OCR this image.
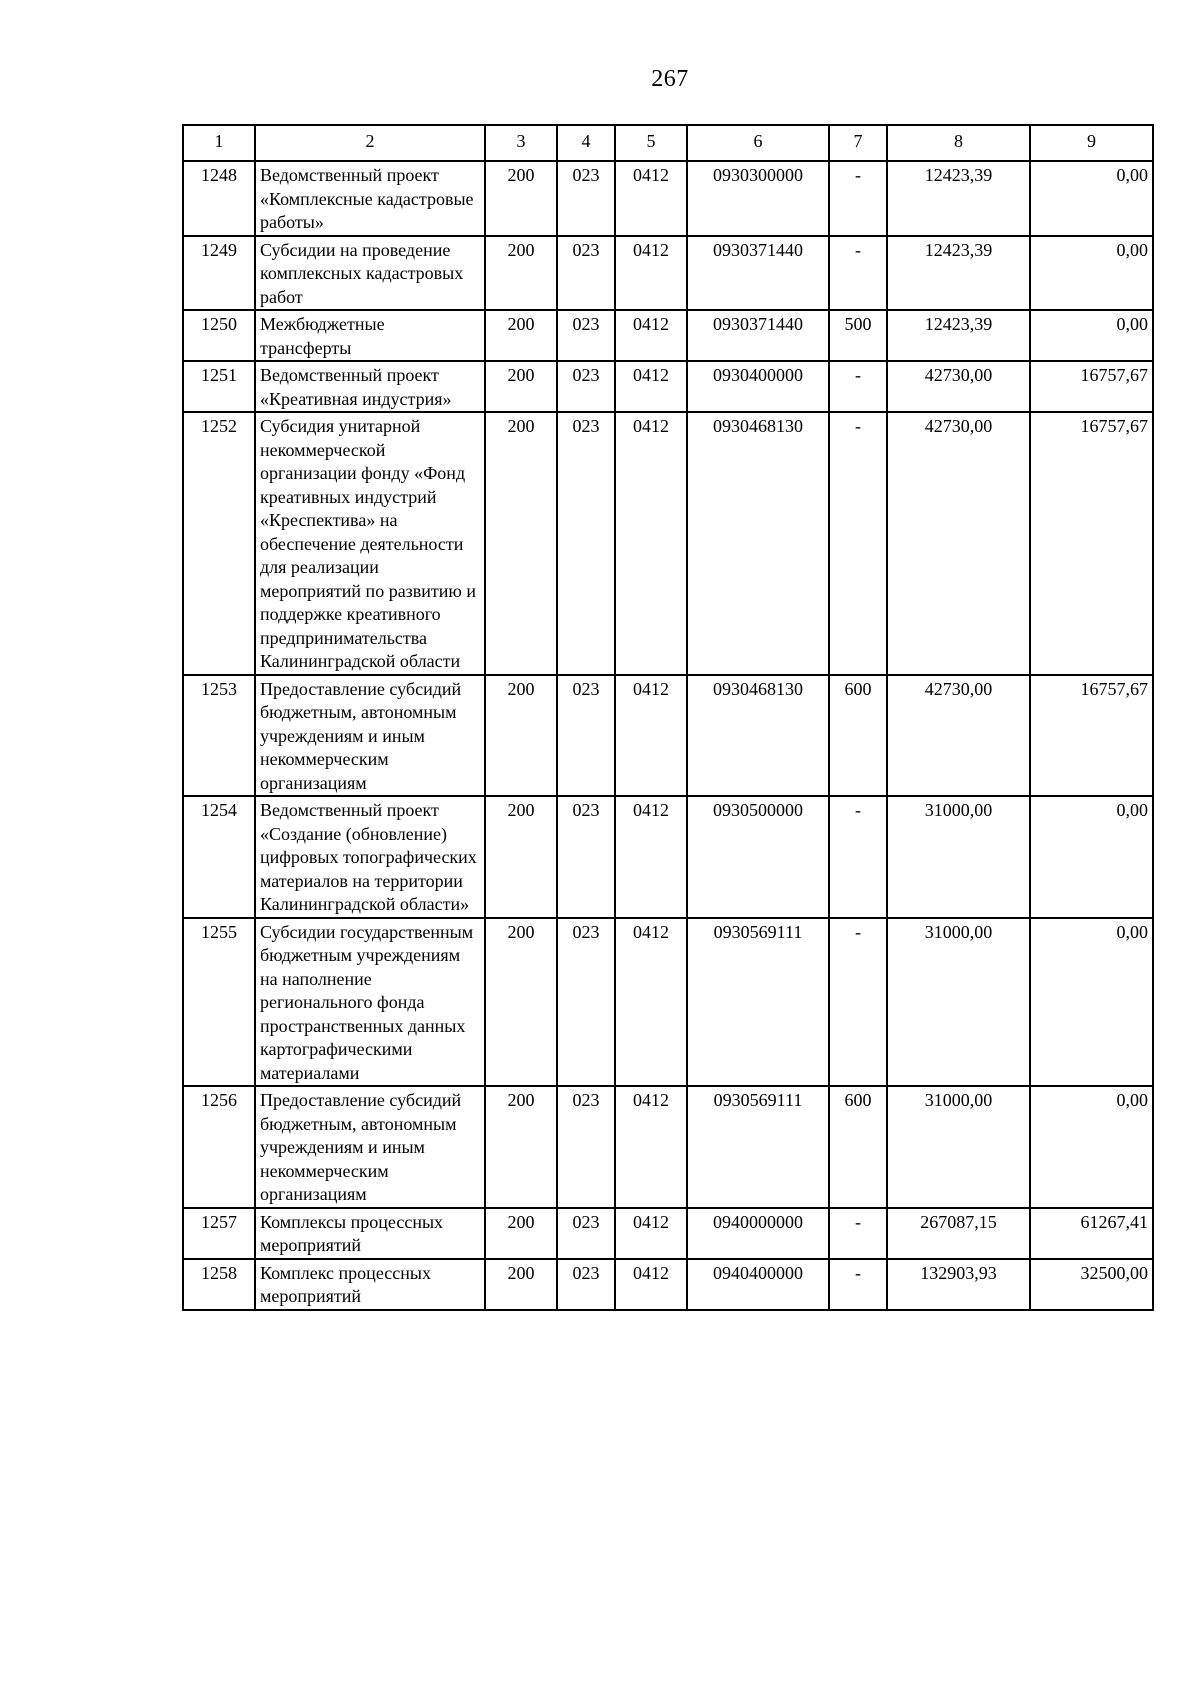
267
1	2	3	4	5	6	7	8	9
1248	Ведомственный проект «Комплексные кадастровые работы»	200	023	0412	0930300000	-	12423,39	0,00
1249	Субсидии на проведение комплексных кадастровых работ	200	023	0412	0930371440	-	12423,39	0,00
1250	Межбюджетные трансферты	200	023	0412	0930371440	500	12423,39	0,00
1251	Ведомственный проект «Креативная индустрия»	200	023	0412	0930400000	-	42730,00	16757,67
1252	Субсидия унитарной некоммерческой организации фонду «Фонд креативных индустрий «Креспектива» на обеспечение деятельности для реализации мероприятий по развитию и поддержке креативного предпринимательства Калининградской области	200	023	0412	0930468130	-	42730,00	16757,67
1253	Предоставление субсидий бюджетным, автономным учреждениям и иным некоммерческим организациям	200	023	0412	0930468130	600	42730,00	16757,67
1254	Ведомственный проект «Создание (обновление) цифровых топографических материалов на территории Калининградской области»	200	023	0412	0930500000	-	31000,00	0,00
1255	Субсидии государственным бюджетным учреждениям на наполнение регионального фонда пространственных данных картографическими материалами	200	023	0412	0930569111	-	31000,00	0,00
1256	Предоставление субсидий бюджетным, автономным учреждениям и иным некоммерческим организациям	200	023	0412	0930569111	600	31000,00	0,00
1257	Комплексы процессных мероприятий	200	023	0412	0940000000	-	267087,15	61267,41
1258	Комплекс процессных мероприятий	200	023	0412	0940400000	-	132903,93	32500,00
